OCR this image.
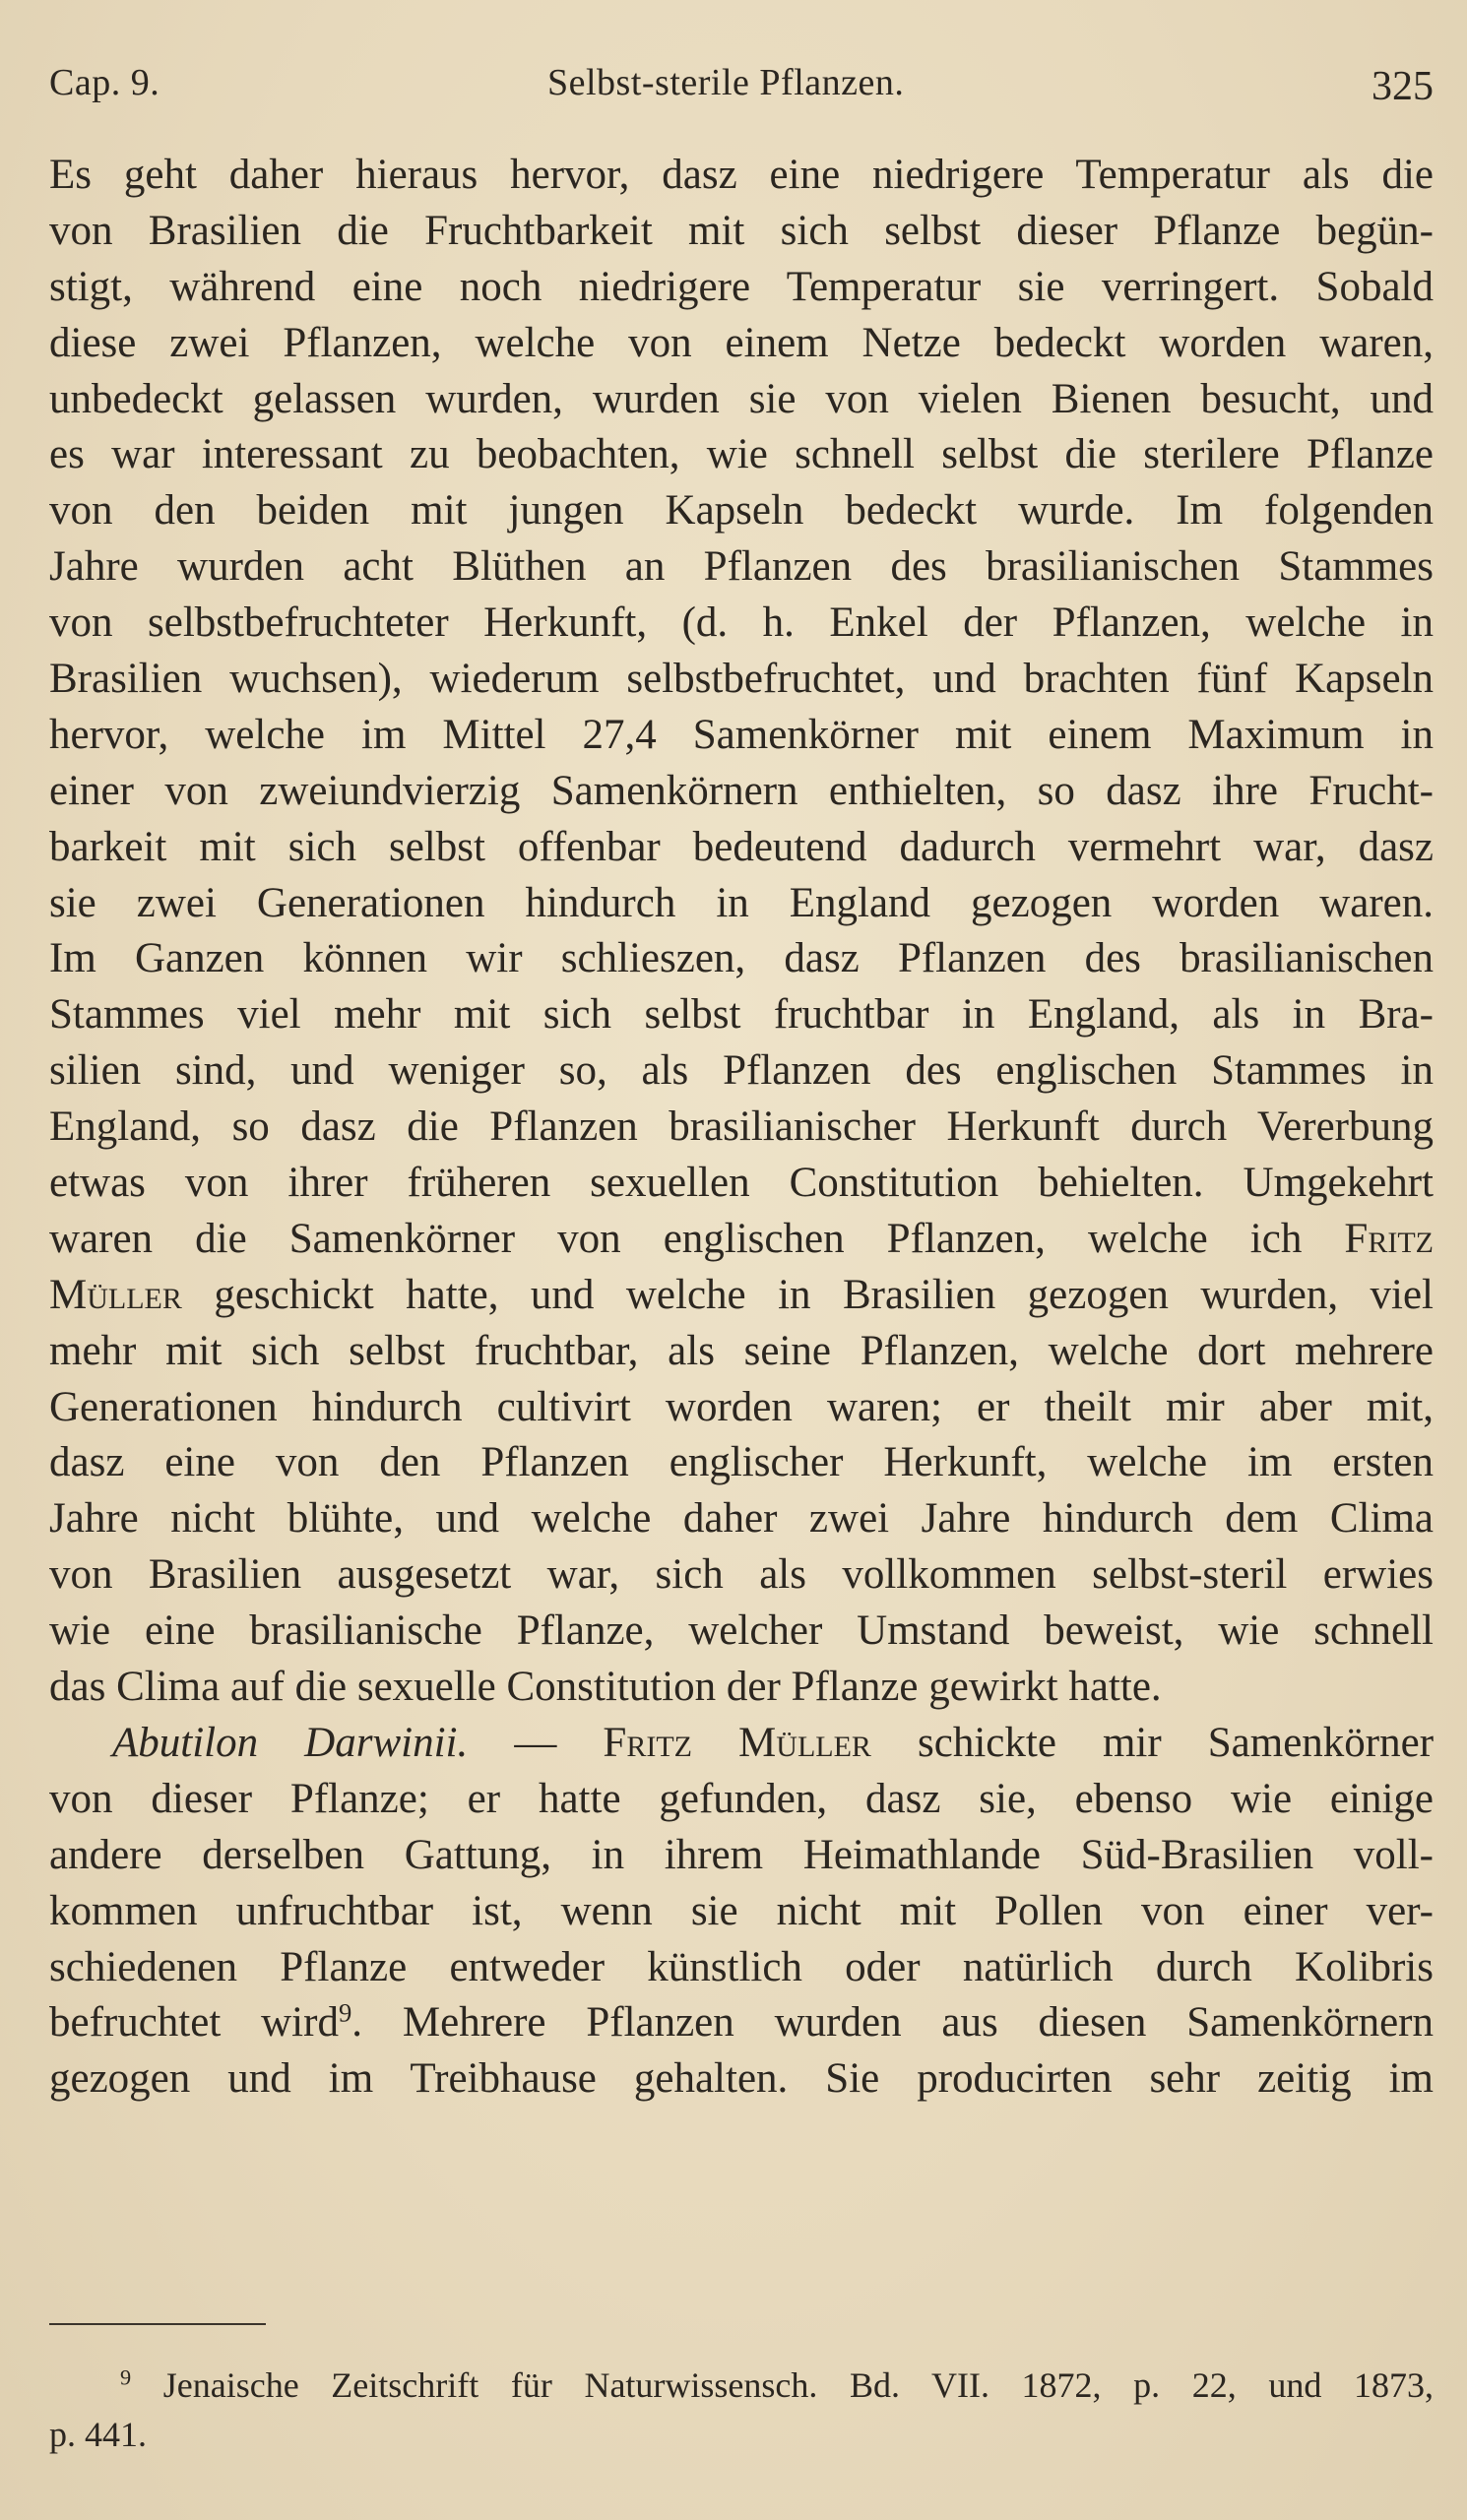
Cap. 9.	Selbst-sterile Pflanzen.	325
Es geht daher hieraus hervor, dasz eine niedrigere Temperatur als die
von Brasilien die Fruchtbarkeit mit sich selbst dieser Pflanze begün-
stigt, während eine noch niedrigere Temperatur sie verringert. Sobald
diese zwei Pflanzen, welche von einem Netze bedeckt worden waren,
unbedeckt gelassen wurden, wurden sie von vielen Bienen besucht, und
es war interessant zu beobachten, wie schnell selbst die sterilere Pflanze
von den beiden mit jungen Kapseln bedeckt wurde. Im folgenden
Jahre wurden acht Blüthen an Pflanzen des brasilianischen Stammes
von selbstbefruchteter Herkunft, (d. h. Enkel der Pflanzen, welche in
Brasilien wuchsen), wiederum selbstbefruchtet, und brachten fünf Kapseln
hervor, welche im Mittel 27,4 Samenkörner mit einem Maximum in
einer von zweiundvierzig Samenkörnern enthielten, so dasz ihre Frucht-
barkeit mit sich selbst offenbar bedeutend dadurch vermehrt war, dasz
sie zwei Generationen hindurch in England gezogen worden waren.
Im Ganzen können wir schlieszen, dasz Pflanzen des brasilianischen
Stammes viel mehr mit sich selbst fruchtbar in England, als in Bra-
silien sind, und weniger so, als Pflanzen des englischen Stammes in
England, so dasz die Pflanzen brasilianischer Herkunft durch Vererbung
etwas von ihrer früheren sexuellen Constitution behielten. Umgekehrt
waren die Samenkörner von englischen Pflanzen, welche ich Fritz
Müller geschickt hatte, und welche in Brasilien gezogen wurden, viel
mehr mit sich selbst fruchtbar, als seine Pflanzen, welche dort mehrere
Generationen hindurch cultivirt worden waren; er theilt mir aber mit,
dasz eine von den Pflanzen englischer Herkunft, welche im ersten
Jahre nicht blühte, und welche daher zwei Jahre hindurch dem Clima
von Brasilien ausgesetzt war, sich als vollkommen selbst-steril erwies
wie eine brasilianische Pflanze, welcher Umstand beweist, wie schnell
das Clima auf die sexuelle Constitution der Pflanze gewirkt hatte.
Abutilon Darwinii. — Fritz Müller schickte mir Samenkörner
von dieser Pflanze; er hatte gefunden, dasz sie, ebenso wie einige
andere derselben Gattung, in ihrem Heimathlande Süd-Brasilien voll-
kommen unfruchtbar ist, wenn sie nicht mit Pollen von einer ver-
schiedenen Pflanze entweder künstlich oder natürlich durch Kolibris
befruchtet wird$^9$. Mehrere Pflanzen wurden aus diesen Samenkörnern
gezogen und im Treibhause gehalten. Sie producirten sehr zeitig im
$^9$ Jenaische Zeitschrift für Naturwissensch. Bd. VII. 1872, p. 22, und 1873,
p. 441.
